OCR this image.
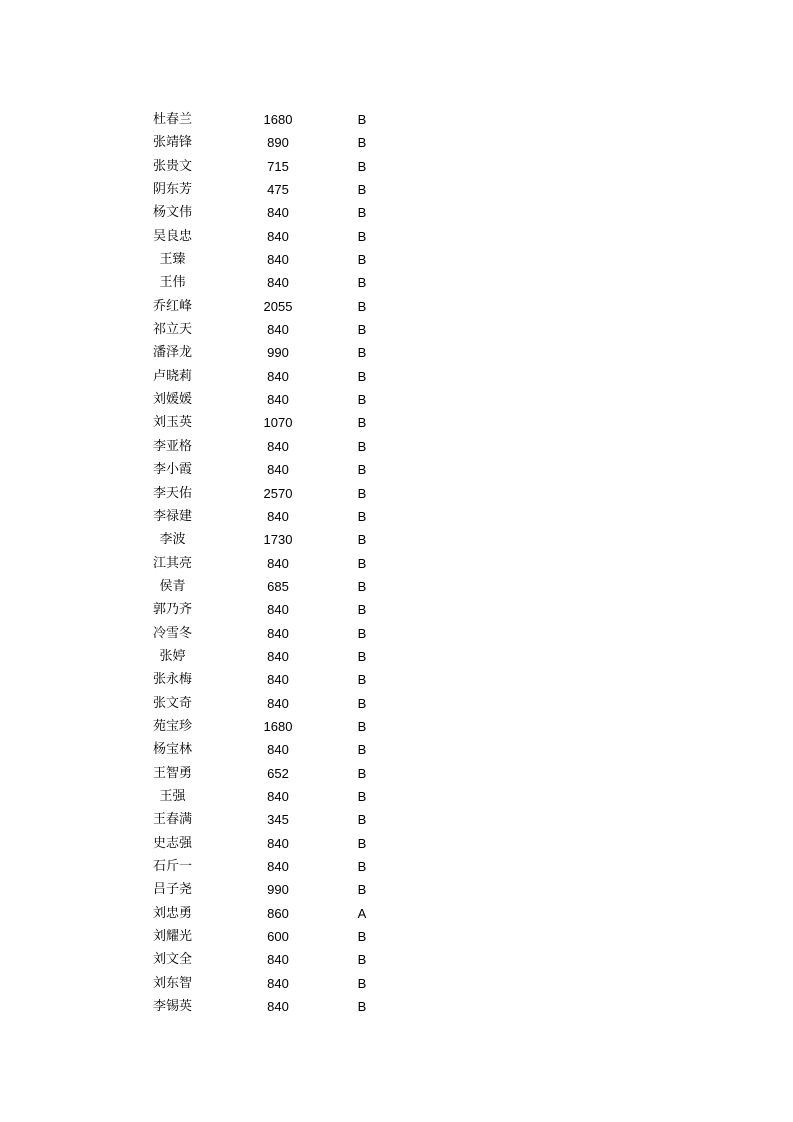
杜春兰	1680	B
张靖锋	890	B
张贵文	715	B
阴东芳	475	B
杨文伟	840	B
吴良忠	840	B
王臻	840	B
王伟	840	B
乔红峰	2055	B
祁立天	840	B
潘泽龙	990	B
卢晓莉	840	B
刘媛媛	840	B
刘玉英	1070	B
李亚格	840	B
李小霞	840	B
李天佑	2570	B
李禄建	840	B
李波	1730	B
江其亮	840	B
侯青	685	B
郭乃齐	840	B
冷雪冬	840	B
张婷	840	B
张永梅	840	B
张文奇	840	B
苑宝珍	1680	B
杨宝林	840	B
王智勇	652	B
王强	840	B
王春满	345	B
史志强	840	B
石斤一	840	B
吕子尧	990	B
刘忠勇	860	A
刘耀光	600	B
刘文全	840	B
刘东智	840	B
李锡英	840	B
